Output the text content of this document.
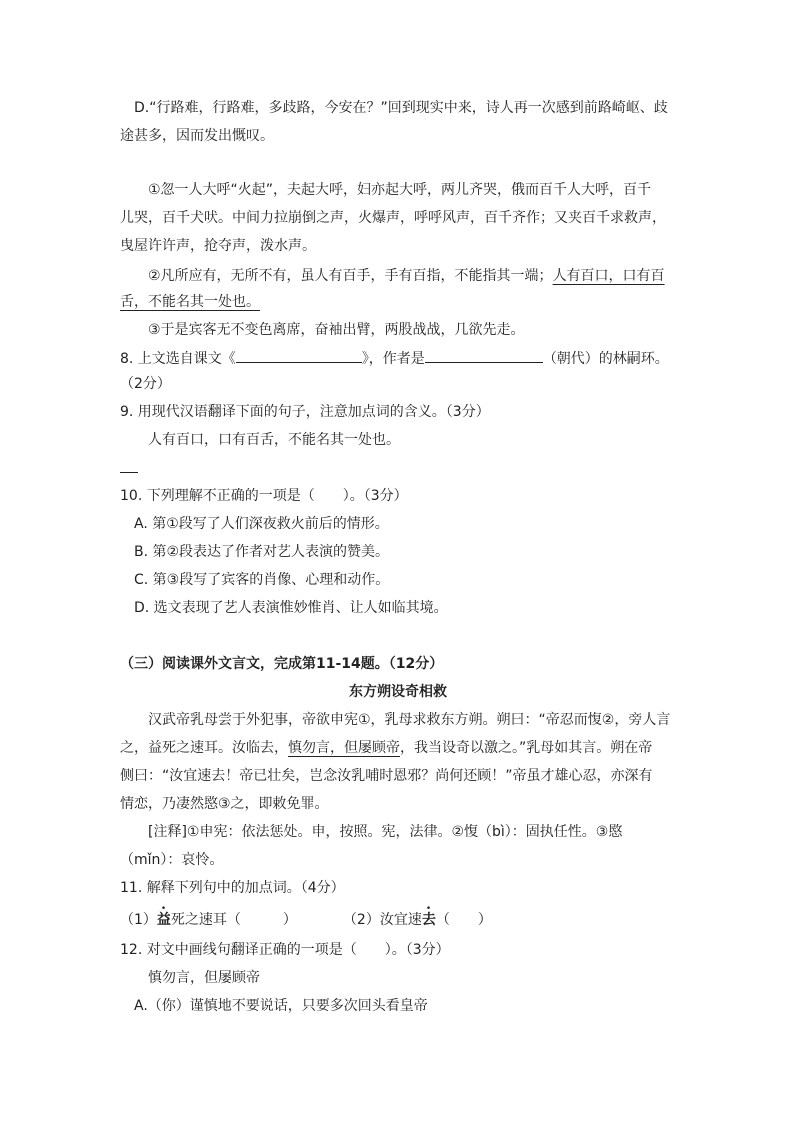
D.“行路难，行路难，多歧路，今安在？”回到现实中来，诗人再一次感到前路崎岖、歧
途甚多，因而发出慨叹。
①忽一人大呼“火起”，夫起大呼，妇亦起大呼，两儿齐哭，俄而百千人大呼，百千
儿哭，百千犬吠。中间力拉崩倒之声，火爆声，呼呼风声，百千齐作；又夹百千求救声，
曳屋许许声，抢夺声，泼水声。
②凡所应有，无所不有，虽人有百手，手有百指，不能指其一端；人有百口，口有百
舌，不能名其一处也。
③于是宾客无不变色离席，奋袖出臂，两股战战，几欲先走。
8. 上文选自课文《	》，作者是	（朝代）的林嗣环。
（2分）
9. 用现代汉语翻译下面的句子，注意加点词的含义。（3分）
人有百口，口有百舌，不能名其一处也。
10. 下列理解不正确的一项是（　　）。（3分）
A. 第①段写了人们深夜救火前后的情形。
B. 第②段表达了作者对艺人表演的赞美。
C. 第③段写了宾客的肖像、心理和动作。
D. 选文表现了艺人表演惟妙惟肖、让人如临其境。
（三）阅读课外文言文，完成第11-14题。（12分）
东方朔设奇相救
汉武帝乳母尝于外犯事，帝欲申宪①，乳母求救东方朔。朔曰：“帝忍而愎②，旁人言
之，益死之速耳。汝临去，慎勿言，但屡顾帝，我当设奇以激之。”乳母如其言。朔在帝
侧曰：“汝宜速去！帝已壮矣，岂念汝乳哺时恩邪？尚何还顾！”帝虽才雄心忍，亦深有
情恋，乃凄然愍③之，即敕免罪。
[注释]①申宪：依法惩处。申，按照。宪，法律。②愎（bì）：固执任性。③愍
（mǐn）：哀怜。
11. 解释下列句中的加点词。（4分）
（1）益死之速耳（　　　）	（2）汝宜速去（　　）
12. 对文中画线句翻译正确的一项是（　　）。（3分）
慎勿言，但屡顾帝
A.（你）谨慎地不要说话，只要多次回头看皇帝
